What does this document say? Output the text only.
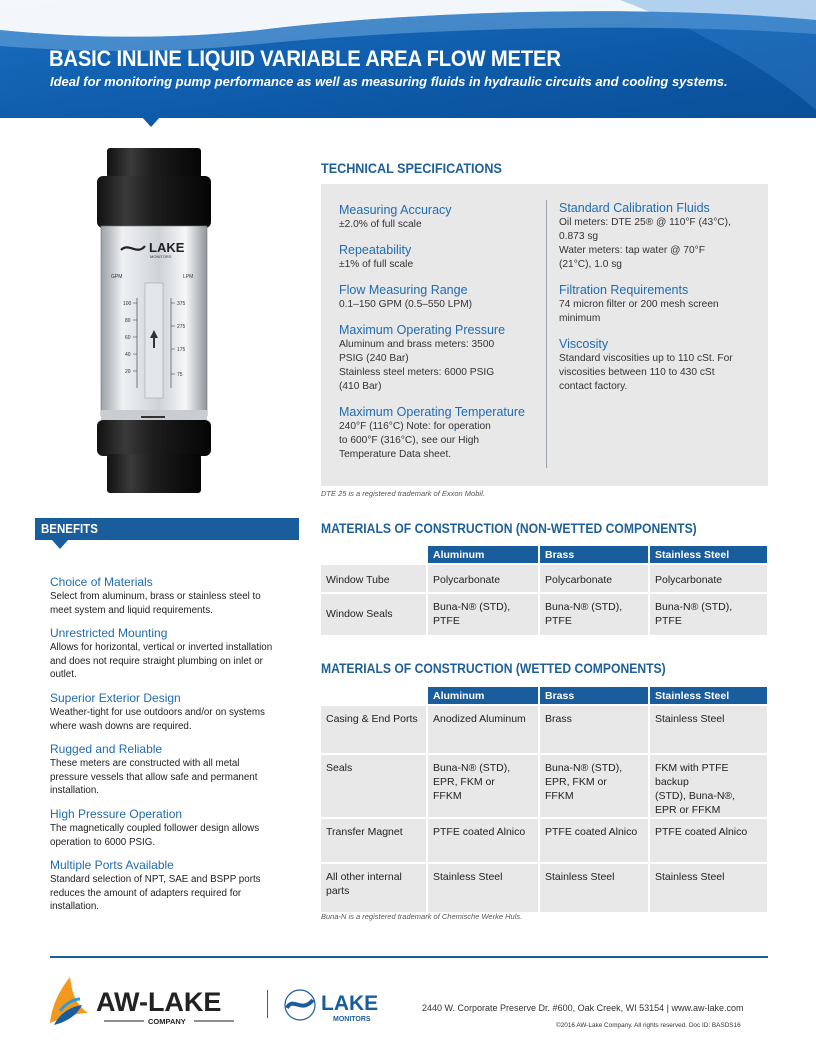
BASIC INLINE LIQUID VARIABLE AREA FLOW METER
Ideal for monitoring pump performance as well as measuring fluids in hydraulic circuits and cooling systems.
LAKE
MONITORS
GPM	LPM
100
80
60
40
20
375
275
175
75
TECHNICAL SPECIFICATIONS
Measuring Accuracy
±2.0% of full scale
Repeatability
±1% of full scale
Flow Measuring Range
0.1–150 GPM (0.5–550 LPM)
Maximum Operating Pressure
Aluminum and brass meters: 3500
PSIG (240 Bar)
Stainless steel meters: 6000 PSIG
(410 Bar)
Maximum Operating Temperature
240°F (116°C) Note: for operation
to 600°F (316°C), see our High
Temperature Data sheet.
Standard Calibration Fluids
Oil meters: DTE 25® @ 110°F (43°C),
0.873 sg
Water meters: tap water @ 70°F
(21°C), 1.0 sg
Filtration Requirements
74 micron filter or 200 mesh screen
minimum
Viscosity
Standard viscosities up to 110 cSt. For
viscosities between 110 to 430 cSt
contact factory.
DTE 25 is a registered trademark of Exxon Mobil.
BENEFITS
Choice of Materials
Select from aluminum, brass or stainless steel to
meet system and liquid requirements.
Unrestricted Mounting
Allows for horizontal, vertical or inverted installation
and does not require straight plumbing on inlet or
outlet.
Superior Exterior Design
Weather-tight for use outdoors and/or on systems
where wash downs are required.
Rugged and Reliable
These meters are constructed with all metal
pressure vessels that allow safe and permanent
installation.
High Pressure Operation
The magnetically coupled follower design allows
operation to 6000 PSIG.
Multiple Ports Available
Standard selection of NPT, SAE and BSPP ports
reduces the amount of adapters required for
installation.
MATERIALS OF CONSTRUCTION (NON-WETTED COMPONENTS)
	Aluminum	Brass	Stainless Steel
Window Tube	Polycarbonate	Polycarbonate	Polycarbonate
Window Seals	Buna-N® (STD),
PTFE	Buna-N® (STD),
PTFE	Buna-N® (STD),
PTFE
MATERIALS OF CONSTRUCTION (WETTED COMPONENTS)
	Aluminum	Brass	Stainless Steel
Casing & End Ports	Anodized Aluminum	Brass	Stainless Steel
Seals	Buna-N® (STD),
EPR, FKM or
FFKM	Buna-N® (STD),
EPR, FKM or
FFKM	FKM with PTFE backup
(STD), Buna-N®,
EPR or FFKM
Transfer Magnet	PTFE coated Alnico	PTFE coated Alnico	PTFE coated Alnico
All other internal
parts	Stainless Steel	Stainless Steel	Stainless Steel
Buna-N is a registered trademark of Chemische Werke Huls.
AW-LAKE
COMPANY
LAKE
MONITORS
2440 W. Corporate Preserve Dr. #600, Oak Creek, WI 53154 | www.aw-lake.com
©2016 AW-Lake Company. All rights reserved. Doc ID: BASDS16
